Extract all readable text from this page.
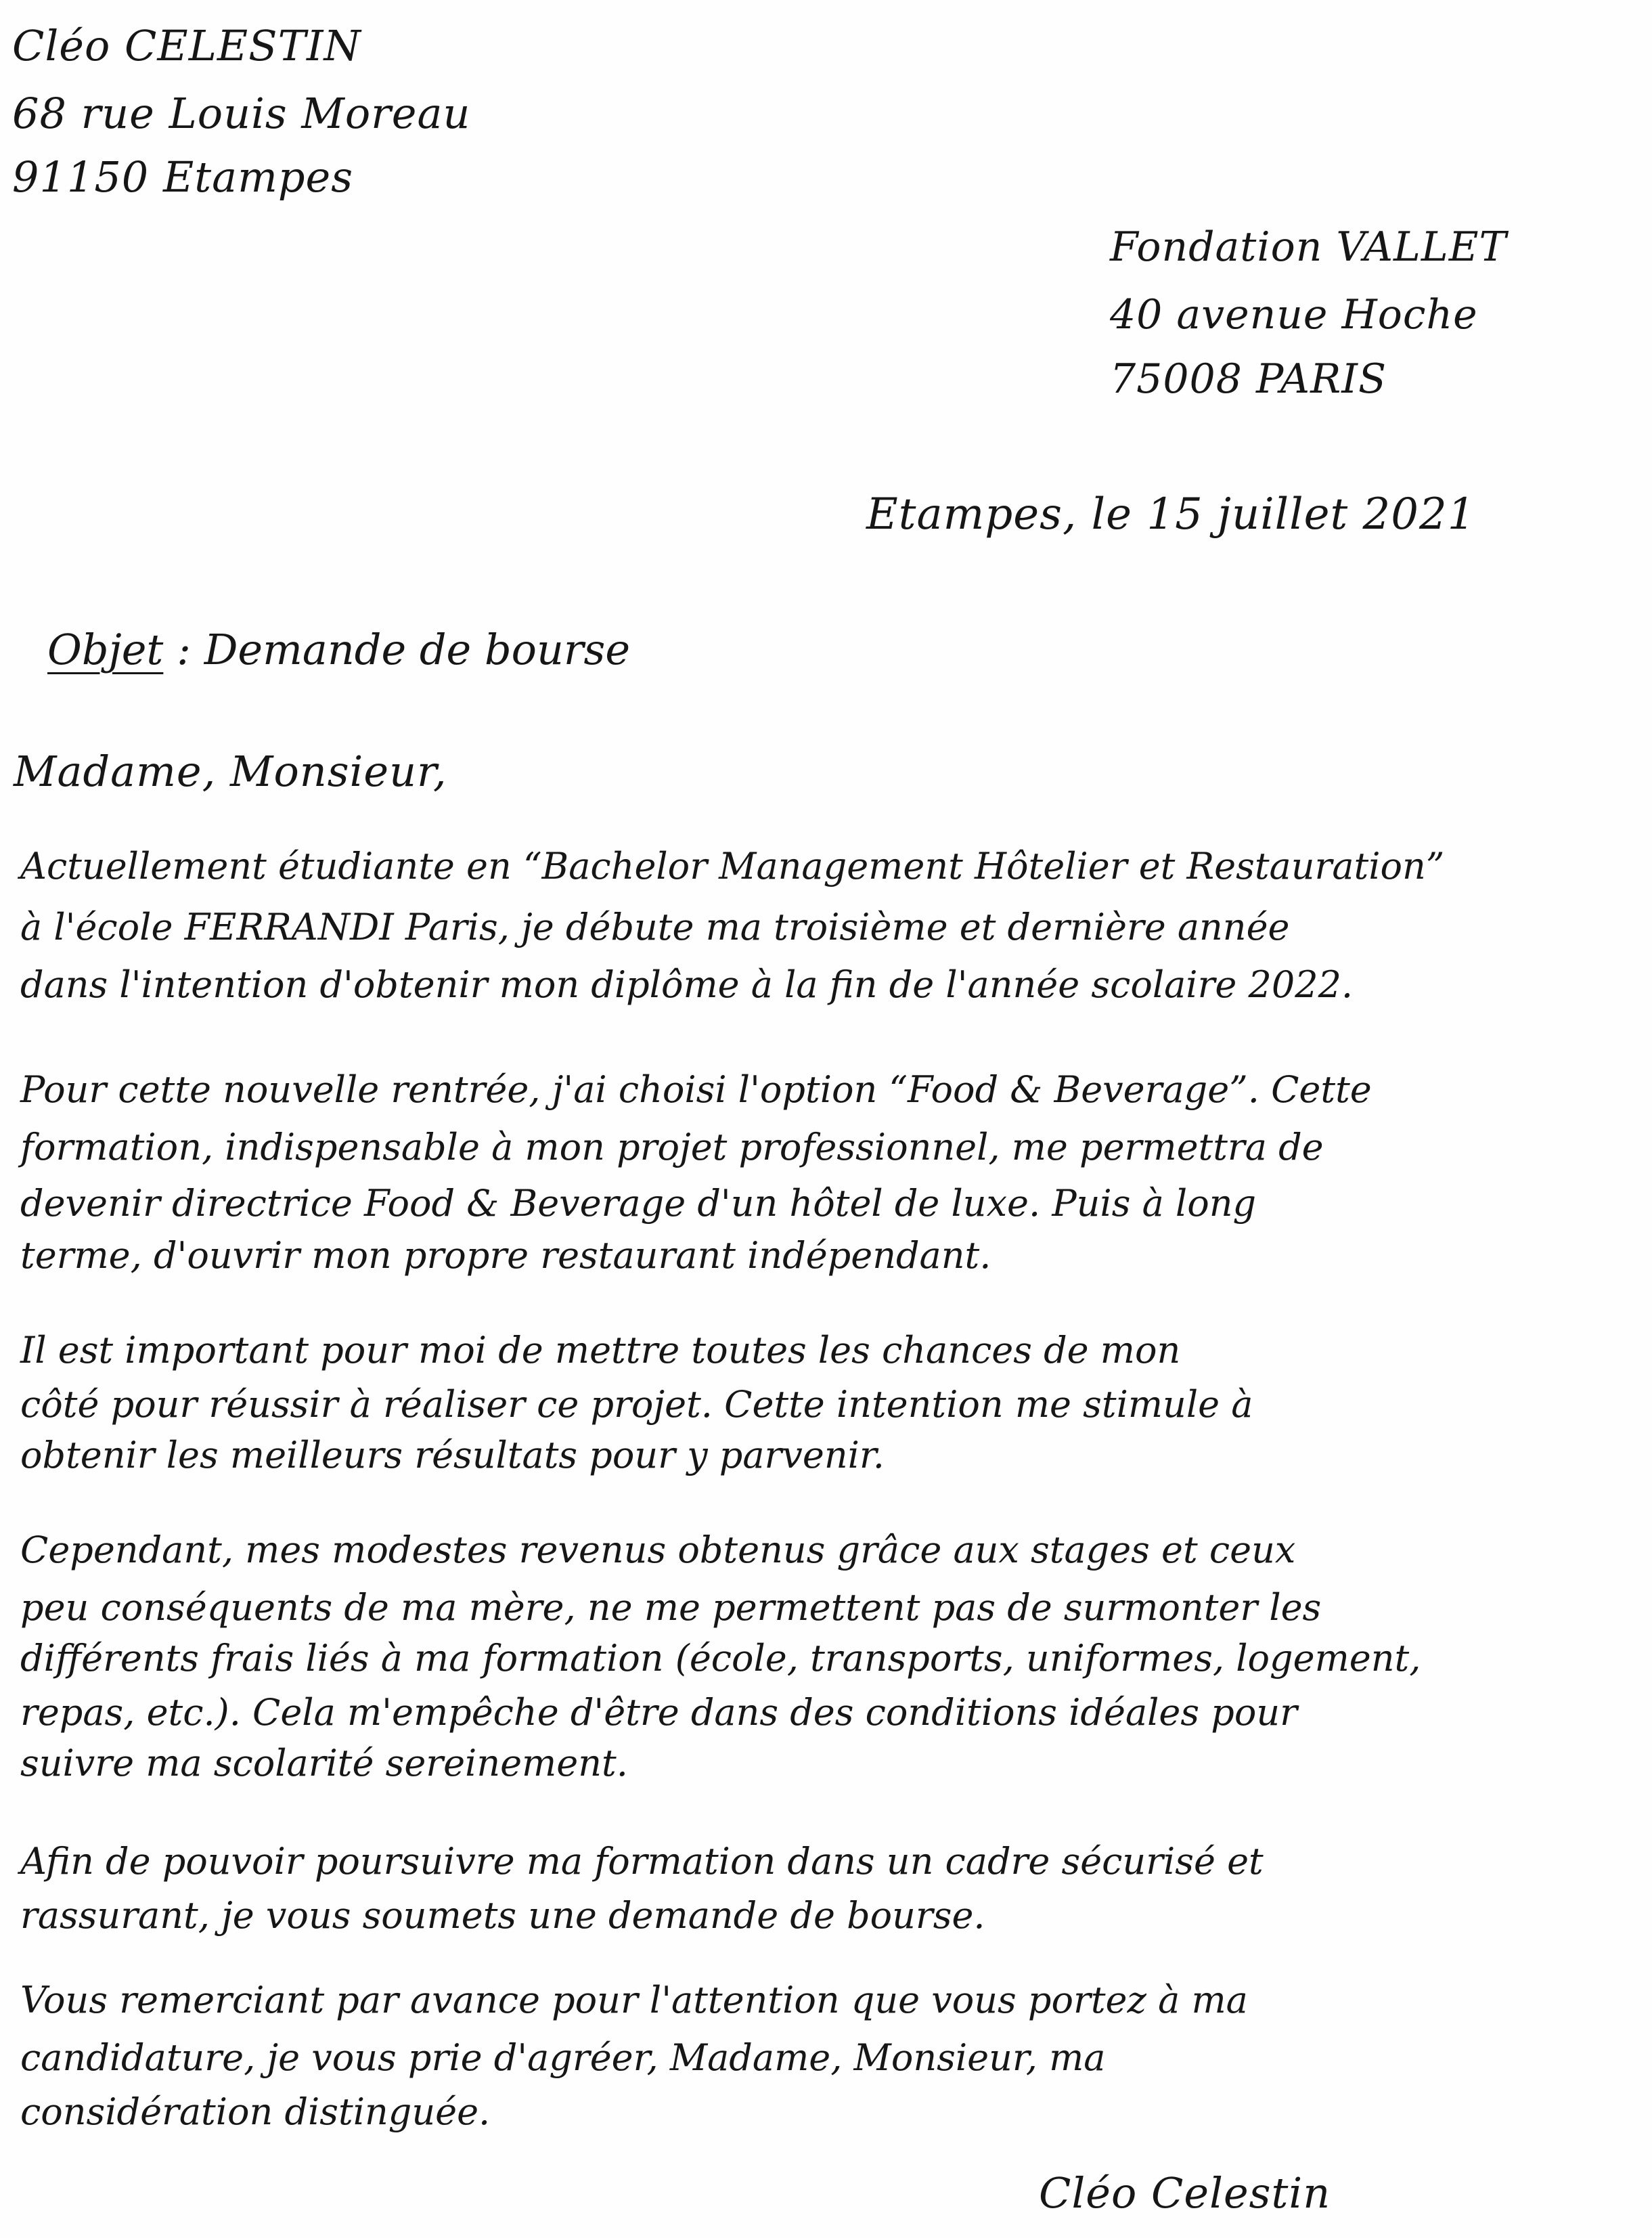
Cléo CELESTIN
68 rue Louis Moreau
91150 Etampes
Fondation VALLET
40 avenue Hoche
75008 PARIS
Etampes, le 15 juillet 2021
Objet : Demande de bourse
Madame, Monsieur,
Actuellement étudiante en “Bachelor Management Hôtelier et Restauration”
à l'école FERRANDI Paris, je débute ma troisième et dernière année
dans l'intention d'obtenir mon diplôme à la fin de l'année scolaire 2022.
Pour cette nouvelle rentrée, j'ai choisi l'option “Food & Beverage”. Cette
formation, indispensable à mon projet professionnel, me permettra de
devenir directrice Food & Beverage d'un hôtel de luxe. Puis à long
terme, d'ouvrir mon propre restaurant indépendant.
Il est important pour moi de mettre toutes les chances de mon
côté pour réussir à réaliser ce projet. Cette intention me stimule à
obtenir les meilleurs résultats pour y parvenir.
Cependant, mes modestes revenus obtenus grâce aux stages et ceux
peu conséquents de ma mère, ne me permettent pas de surmonter les
différents frais liés à ma formation (école, transports, uniformes, logement,
repas, etc.). Cela m'empêche d'être dans des conditions idéales pour
suivre ma scolarité sereinement.
Afin de pouvoir poursuivre ma formation dans un cadre sécurisé et
rassurant, je vous soumets une demande de bourse.
Vous remerciant par avance pour l'attention que vous portez à ma
candidature, je vous prie d'agréer, Madame, Monsieur, ma
considération distinguée.
Cléo Celestin
